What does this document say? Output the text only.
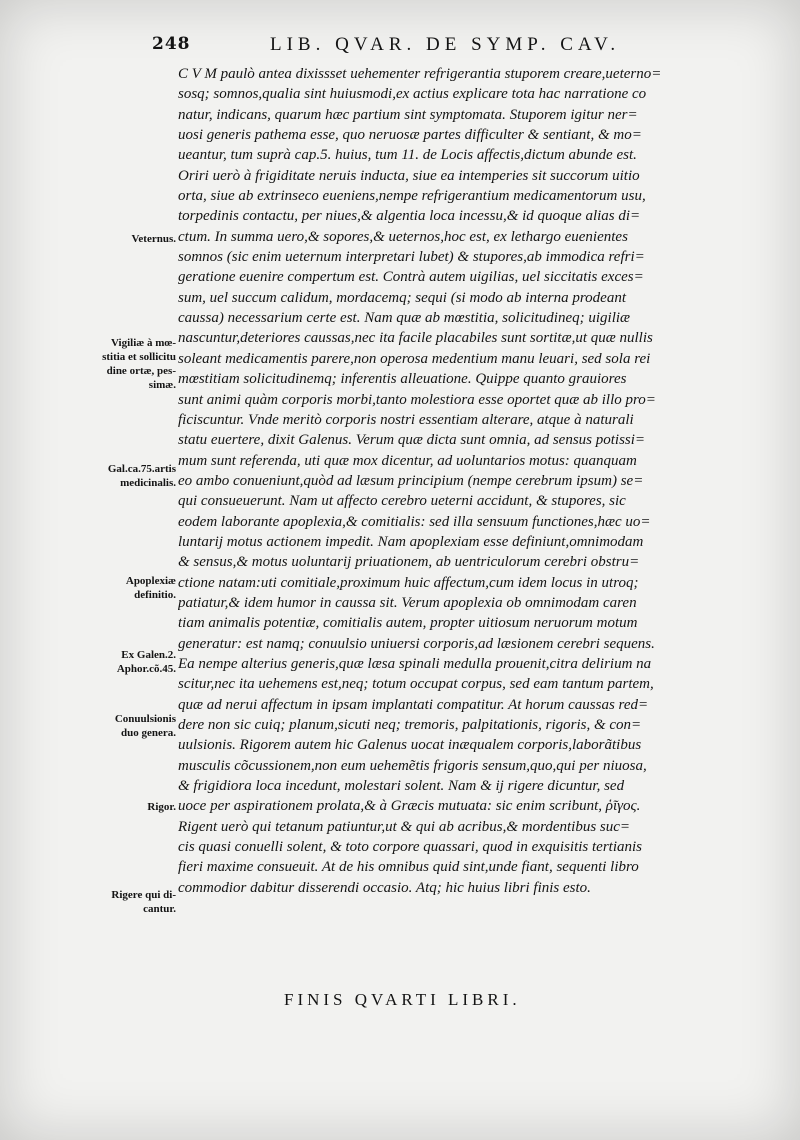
248	LIB. QVAR. DE SYMP. CAV.
Veternus.
Vigiliæ à mœ-
stitia et sollicitu
dine ortæ, pes-
simæ.
Gal.ca.75.artis
medicinalis.
Apoplexiæ
definitio.
Ex Galen.2.
Aphor.cõ.45.
Conuulsionis
duo genera.
Rigor.
Rigere qui di-
cantur.
C V M paulò antea dixissset uehementer refrigerantia stuporem creare,ueterno=
sosq; somnos,qualia sint huiusmodi,ex actius explicare tota hac narratione co
natur, indicans, quarum hæc partium sint symptomata. Stuporem igitur ner=
uosi generis pathema esse, quo neruosæ partes difficulter & sentiant, & mo=
ueantur, tum suprà cap.5. huius, tum 11. de Locis affectis,dictum abunde est.
Oriri uerò à frigiditate neruis inducta, siue ea intemperies sit succorum uitio
orta, siue ab extrinseco eueniens,nempe refrigerantium medicamentorum usu,
torpedinis contactu, per niues,& algentia loca incessu,& id quoque alias di=
ctum. In summa uero,& sopores,& ueternos,hoc est, ex lethargo euenientes
somnos (sic enim ueternum interpretari lubet) & stupores,ab immodica refri=
geratione euenire compertum est. Contrà autem uigilias, uel siccitatis exces=
sum, uel succum calidum, mordacemq; sequi (si modo ab interna prodeant
caussa) necessarium certe est. Nam quæ ab mœstitia, solicitudineq; uigiliæ
nascuntur,deteriores caussas,nec ita facile placabiles sunt sortitæ,ut quæ nullis
soleant medicamentis parere,non operosa medentium manu leuari, sed sola rei
mœstitiam solicitudinemq; inferentis alleuatione. Quippe quanto grauiores
sunt animi quàm corporis morbi,tanto molestiora esse oportet quæ ab illo pro=
ficiscuntur. Vnde meritò corporis nostri essentiam alterare, atque à naturali
statu euertere, dixit Galenus. Verum quæ dicta sunt omnia, ad sensus potissi=
mum sunt referenda, uti quæ mox dicentur, ad uoluntarios motus: quanquam
eo ambo conueniunt,quòd ad læsum principium (nempe cerebrum ipsum) se=
qui consueuerunt. Nam ut affecto cerebro ueterni accidunt, & stupores, sic
eodem laborante apoplexia,& comitialis: sed illa sensuum functiones,hæc uo=
luntarij motus actionem impedit. Nam apoplexiam esse definiunt,omnimodam
& sensus,& motus uoluntarij priuationem, ab uentriculorum cerebri obstru=
ctione natam:uti comitiale,proximum huic affectum,cum idem locus in utroq;
patiatur,& idem humor in caussa sit. Verum apoplexia ob omnimodam caren
tiam animalis potentiæ, comitialis autem, propter uitiosum neruorum motum
generatur: est namq; conuulsio uniuersi corporis,ad læsionem cerebri sequens.
Ea nempe alterius generis,quæ læsa spinali medulla prouenit,citra delirium na
scitur,nec ita uehemens est,neq; totum occupat corpus, sed eam tantum partem,
quæ ad nerui affectum in ipsam implantati compatitur. At horum caussas red=
dere non sic cuiq; planum,sicuti neq; tremoris, palpitationis, rigoris, & con=
uulsionis. Rigorem autem hic Galenus uocat inæqualem corporis,laborãtibus
musculis cõcussionem,non eum uehemẽtis frigoris sensum,quo,qui per niuosa,
& frigidiora loca incedunt, molestari solent. Nam & ij rigere dicuntur, sed
uoce per aspirationem prolata,& à Græcis mutuata: sic enim scribunt, ῥῖγος.
Rigent uerò qui tetanum patiuntur,ut & qui ab acribus,& mordentibus suc=
cis quasi conuelli solent, & toto corpore quassari, quod in exquisitis tertianis
fieri maxime consueuit. At de his omnibus quid sint,unde fiant, sequenti libro
commodior dabitur disserendi occasio. Atq; hic huius libri finis esto.
FINIS QVARTI LIBRI.
